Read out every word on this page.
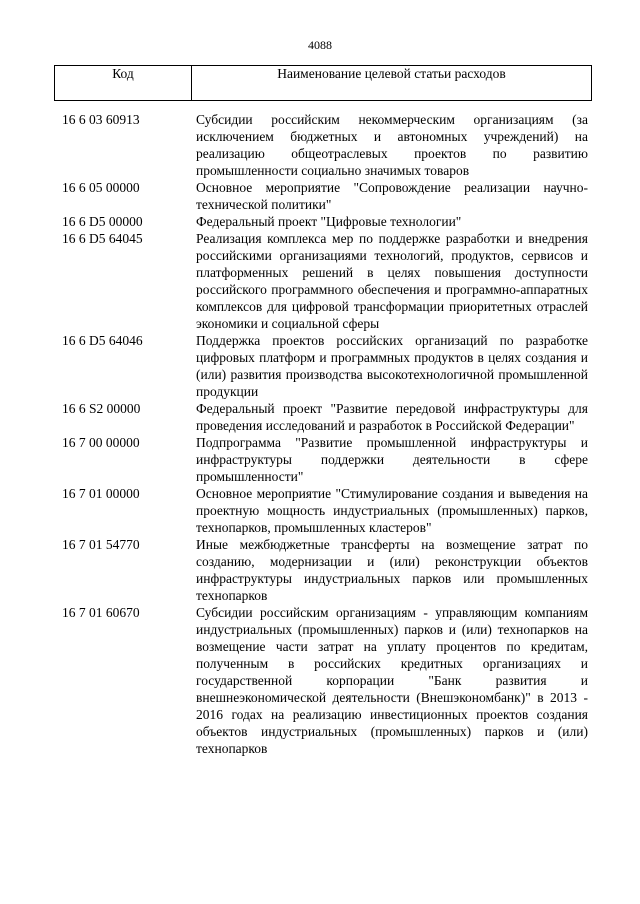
4088
Код	Наименование целевой статьи расходов
16 6 03 60913	Субсидии российским некоммерческим организациям (за исключением бюджетных и автономных учреждений) на реализацию общеотраслевых проектов по развитию промышленности социально значимых товаров
16 6 05 00000	Основное мероприятие "Сопровождение реализации научно-технической политики"
16 6 D5 00000	Федеральный проект "Цифровые технологии"
16 6 D5 64045	Реализация комплекса мер по поддержке разработки и внедрения российскими организациями технологий, продуктов, сервисов и платформенных решений в целях повышения доступности российского программного обеспечения и программно-аппаратных комплексов для цифровой трансформации приоритетных отраслей экономики и социальной сферы
16 6 D5 64046	Поддержка проектов российских организаций по разработке цифровых платформ и программных продуктов в целях создания и (или) развития производства высокотехнологичной промышленной продукции
16 6 S2 00000	Федеральный проект "Развитие передовой инфраструктуры для проведения исследований и разработок в Российской Федерации"
16 7 00 00000	Подпрограмма "Развитие промышленной инфраструктуры и инфраструктуры поддержки деятельности в сфере промышленности"
16 7 01 00000	Основное мероприятие "Стимулирование создания и выведения на проектную мощность индустриальных (промышленных) парков, технопарков, промышленных кластеров"
16 7 01 54770	Иные межбюджетные трансферты на возмещение затрат по созданию, модернизации и (или) реконструкции объектов инфраструктуры индустриальных парков или промышленных технопарков
16 7 01 60670	Субсидии российским организациям - управляющим компаниям индустриальных (промышленных) парков и (или) технопарков на возмещение части затрат на уплату процентов по кредитам, полученным в российских кредитных организациях и государственной корпорации "Банк развития и внешнеэкономической деятельности (Внешэкономбанк)" в 2013 - 2016 годах на реализацию инвестиционных проектов создания объектов индустриальных (промышленных) парков и (или) технопарков
